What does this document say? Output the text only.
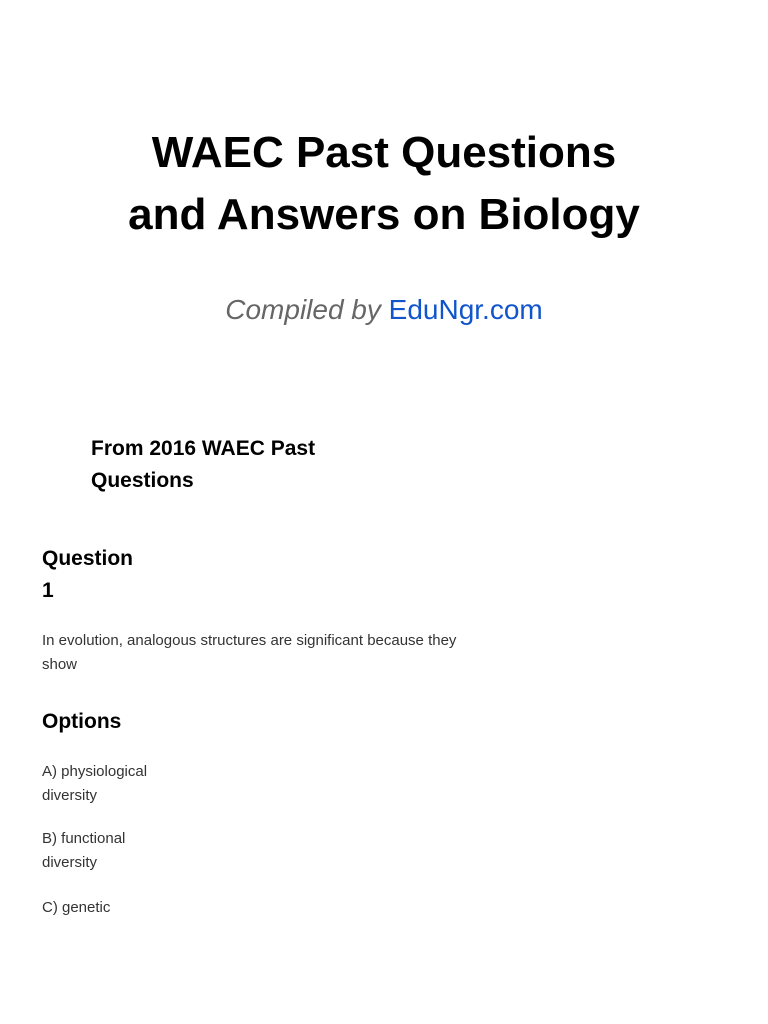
WAEC Past Questions
and Answers on Biology

Compiled by EduNgr.com

From 2016 WAEC Past
Questions
Question
1

In evolution, analogous structures are significant because they
show

Options

A) physiological
diversity

B) functional
diversity

C) genetic
